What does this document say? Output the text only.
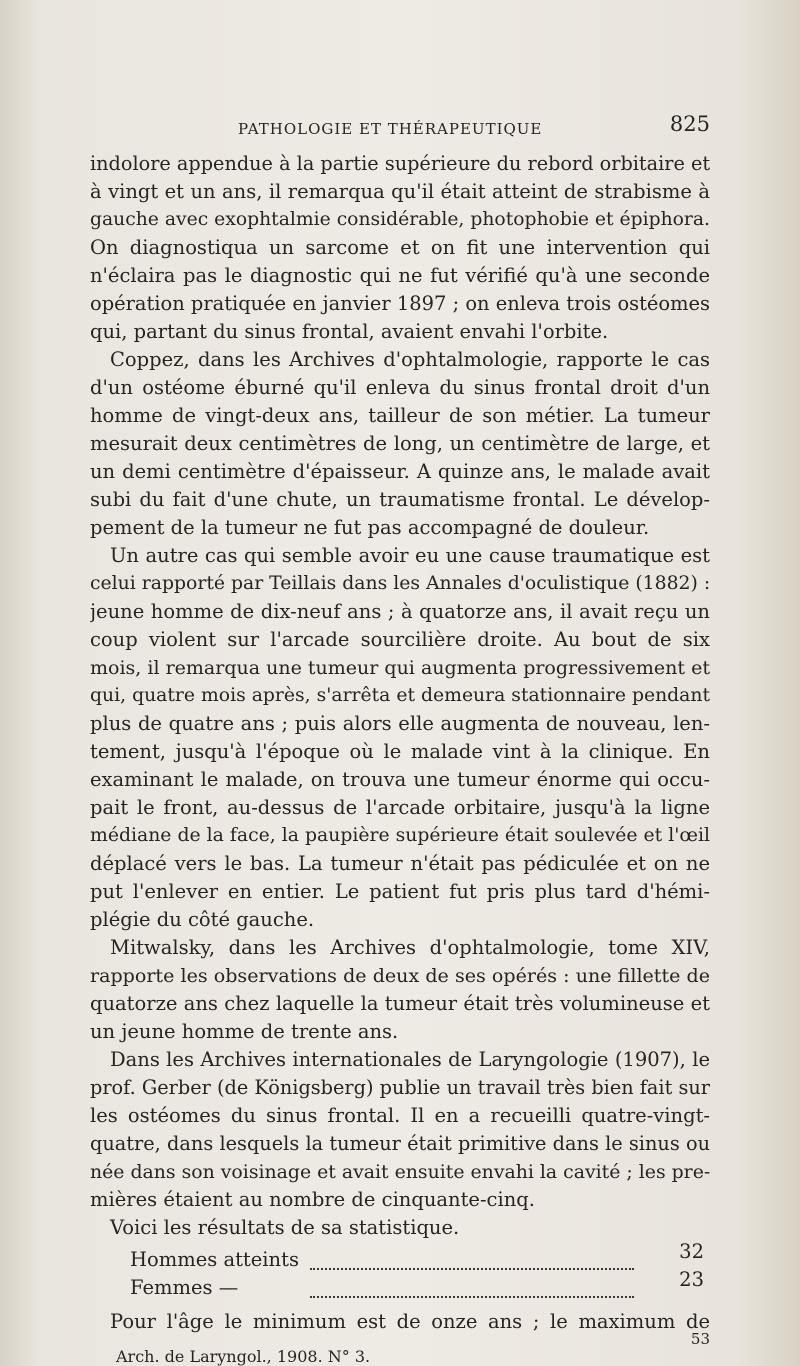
PATHOLOGIE ET THÉRAPEUTIQUE	825
indolore appendue à la partie supérieure du rebord orbitaire et
à vingt et un ans, il remarqua qu'il était atteint de strabisme à
gauche avec exophtalmie considérable, photophobie et épiphora.
On diagnostiqua un sarcome et on fit une intervention qui
n'éclaira pas le diagnostic qui ne fut vérifié qu'à une seconde
opération pratiquée en janvier 1897 ; on enleva trois ostéomes
qui, partant du sinus frontal, avaient envahi l'orbite.
Coppez, dans les Archives d'ophtalmologie, rapporte le cas
d'un ostéome éburné qu'il enleva du sinus frontal droit d'un
homme de vingt-deux ans, tailleur de son métier. La tumeur
mesurait deux centimètres de long, un centimètre de large, et
un demi centimètre d'épaisseur. A quinze ans, le malade avait
subi du fait d'une chute, un traumatisme frontal. Le dévelop-
pement de la tumeur ne fut pas accompagné de douleur.
Un autre cas qui semble avoir eu une cause traumatique est
celui rapporté par Teillais dans les Annales d'oculistique (1882) :
jeune homme de dix-neuf ans ; à quatorze ans, il avait reçu un
coup violent sur l'arcade sourcilière droite. Au bout de six
mois, il remarqua une tumeur qui augmenta progressivement et
qui, quatre mois après, s'arrêta et demeura stationnaire pendant
plus de quatre ans ; puis alors elle augmenta de nouveau, len-
tement, jusqu'à l'époque où le malade vint à la clinique. En
examinant le malade, on trouva une tumeur énorme qui occu-
pait le front, au-dessus de l'arcade orbitaire, jusqu'à la ligne
médiane de la face, la paupière supérieure était soulevée et l'œil
déplacé vers le bas. La tumeur n'était pas pédiculée et on ne
put l'enlever en entier. Le patient fut pris plus tard d'hémi-
plégie du côté gauche.
Mitwalsky, dans les Archives d'ophtalmologie, tome XIV,
rapporte les observations de deux de ses opérés : une fillette de
quatorze ans chez laquelle la tumeur était très volumineuse et
un jeune homme de trente ans.
Dans les Archives internationales de Laryngologie (1907), le
prof. Gerber (de Königsberg) publie un travail très bien fait sur
les ostéomes du sinus frontal. Il en a recueilli quatre-vingt-
quatre, dans lesquels la tumeur était primitive dans le sinus ou
née dans son voisinage et avait ensuite envahi la cavité ; les pre-
mières étaient au nombre de cinquante-cinq.
Voici les résultats de sa statistique.
Hommes atteints	32
Femmes —	23
Pour l'âge le minimum est de onze ans ; le maximum de
Arch. de Laryngol., 1908. N° 3.
53
